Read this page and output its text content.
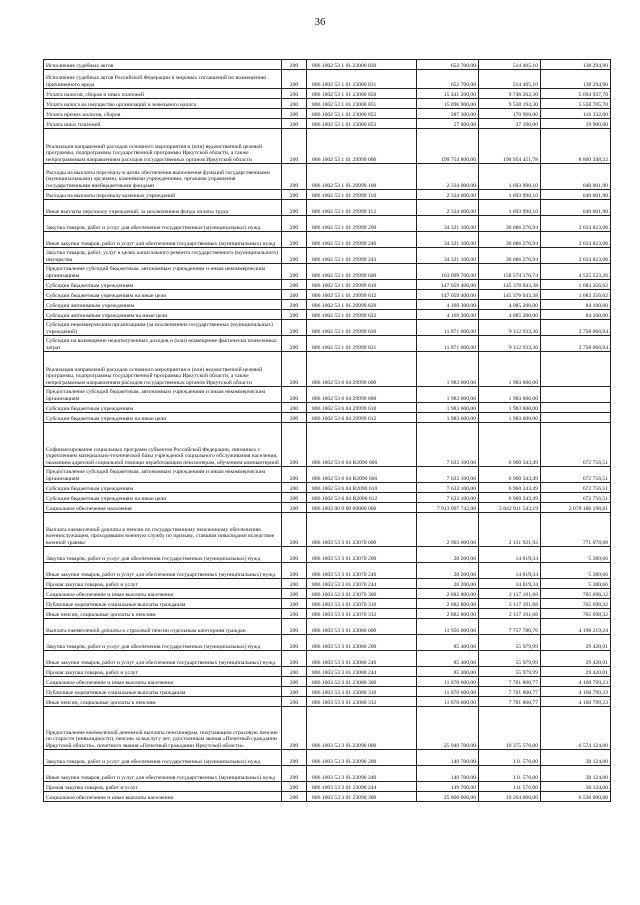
36
Исполнение судебных актов	200	806 1002 53 1 01 23000 830	652 700,00	514 405,10	138 294,90
Исполнение судебных актов Российской Федерации и мировых соглашений по возмещению причиненного вреда	200	806 1002 53 1 01 23000 831	652 700,00	514 405,10	138 294,90
Уплата налогов, сборов и иных платежей	200	806 1002 53 1 01 23000 850	15 441 200,00	9 746 262,30	5 694 937,70
Уплата налога на имущество организаций и земельного налога	200	806 1002 53 1 01 23000 851	15 096 900,00	9 538 194,30	5 558 705,70
Уплата прочих налогов, сборов	200	806 1002 53 1 01 23000 852	287 300,00	170 968,00	116 332,00
Уплата иных платежей	200	806 1002 53 1 01 23000 853	57 000,00	37 100,00	19 900,00
Реализация направлений расходов основного мероприятия и (или) ведомственной целевой программы, подпрограммы государственной программы Иркутской области, а также непрограммным направлениям расходов государственных органов Иркутской области	200	806 1002 53 1 01 29999 000	199 754 800,00	190 954 451,78	8 800 348,22
Расходы на выплаты персоналу в целях обеспечения выполнения функций государственными (муниципальными) органами, казенными учреждениями, органами управления государственными внебюджетными фондами	200	806 1002 53 1 01 29999 100	2 334 000,00	1 693 998,10	640 001,90
Расходы на выплаты персоналу казенных учреждений	200	806 1002 53 1 01 29999 110	2 334 000,00	1 693 998,10	640 001,90
Иные выплаты персоналу учреждений, за исключением фонда оплаты труда	200	806 1002 53 1 01 29999 112	2 334 000,00	1 693 998,10	640 001,90
Закупка товаров, работ и услуг для обеспечения государственных (муниципальных) нужд	200	806 1002 53 1 01 29999 200	34 321 100,00	30 686 276,94	3 634 823,06
Иные закупки товаров, работ и услуг для обеспечения государственных (муниципальных) нужд	200	806 1002 53 1 01 29999 240	34 321 100,00	30 686 276,94	3 634 823,06
Закупка товаров, работ, услуг в целях капитального ремонта государственного (муниципального) имущества	200	806 1002 53 1 01 29999 243	34 321 100,00	30 686 276,94	3 634 823,06
Предоставление субсидий бюджетным, автономным учреждениям и иным некоммерческим организациям	200	806 1002 53 1 01 29999 600	163 099 700,00	158 574 176,74	4 525 523,26
Субсидии бюджетным учреждениям	200	806 1002 53 1 01 29999 610	147 059 400,00	145 376 043,38	1 683 356,62
Субсидии бюджетным учреждениям на иные цели	200	806 1002 53 1 01 29999 612	147 059 400,00	145 376 043,38	1 683 356,62
Субсидии автономным учреждениям	200	806 1002 53 1 01 29999 620	4 169 300,00	4 085 200,00	84 100,00
Субсидии автономным учреждениям на иные цели	200	806 1002 53 1 01 29999 622	4 169 300,00	4 085 200,00	84 100,00
Субсидии некоммерческим организациям (за исключением государственных (муниципальных) учреждений)	200	806 1002 53 1 01 29999 630	11 871 000,00	9 112 933,36	2 758 066,64
Субсидии на возмещение недополученных доходов и (или) возмещение фактически понесенных затрат	200	806 1002 53 1 01 29999 631	11 871 000,00	9 112 933,36	2 758 066,64
Реализация направлений расходов основного мероприятия и (или) ведомственной целевой программы, подпрограммы государственной программы Иркутской области, а также непрограммным направлениям расходов государственных органов Иркутской области	200	806 1002 53 6 04 29999 000	1 983 600,00	1 983 600,00	
Предоставление субсидий бюджетным, автономным учреждениям и иным некоммерческим организациям	200	806 1002 53 6 04 29999 600	1 983 600,00	1 983 600,00	
Субсидии бюджетным учреждениям	200	806 1002 53 6 04 29999 610	1 983 600,00	1 983 600,00	
Субсидии бюджетным учреждениям на иные цели	200	806 1002 53 6 04 29999 612	1 983 600,00	1 983 600,00	
Софинансирование социальных программ субъектов Российской Федерации, связанных с укреплением материально-технической базы учреждений социального обслуживания населения, оказанием адресной социальной помощи неработающим пенсионерам, обучением компьютерной	200	806 1002 53 6 04 R2090 000	7 633 100,00	6 960 343,49	672 756,51
Предоставление субсидий бюджетным, автономным учреждениям и иным некоммерческим организациям	200	806 1002 53 6 04 R2090 600	7 633 100,00	6 960 343,49	672 756,51
Субсидии бюджетным учреждениям	200	806 1002 53 6 04 R2090 610	7 633 100,00	6 960 343,49	672 756,51
Субсидии бюджетным учреждениям на иные цели	200	806 1002 53 6 04 R2090 612	7 633 100,00	6 960 343,49	672 756,51
Социальное обеспечение населения	200	806 1003 00 0 00 00000 000	7 913 097 742,00	5 842 911 543,19	2 070 186 198,81
Выплата ежемесячной доплаты к пенсии по государственному пенсионному обеспечению военнослужащим, проходившим военную службу по призыву, ставшим инвалидами вследствие военной травмы	200	806 1003 53 3 01 23070 000	2 903 000,00	2 131 921,92	771 078,08
Закупка товаров, работ и услуг для обеспечения государственных (муниципальных) нужд	200	806 1003 53 3 01 23070 200	20 200,00	14 819,34	5 380,66
Иные закупки товаров, работ и услуг для обеспечения государственных (муниципальных) нужд	200	806 1003 53 3 01 23070 240	20 200,00	14 819,34	5 380,66
Прочая закупка товаров, работ и услуг	200	806 1003 53 3 01 23070 244	20 200,00	14 819,34	5 380,66
Социальное обеспечение и иные выплаты населению	200	806 1003 53 3 01 23070 300	2 882 800,00	2 117 101,68	765 698,32
Публичные нормативные социальные выплаты гражданам	200	806 1003 53 3 01 23070 310	2 882 800,00	2 117 101,68	765 698,32
Иные пенсии, социальные доплаты к пенсиям	200	806 1003 53 3 01 23070 312	2 882 800,00	2 117 101,68	765 698,32
Выплата ежемесячной доплаты к страховой пенсии отдельным категориям граждан	200	806 1003 53 3 01 23080 000	11 956 000,00	7 757 780,76	4 198 219,24
Закупка товаров, работ и услуг для обеспечения государственных (муниципальных) нужд	200	806 1003 53 3 01 23080 200	85 400,00	55 979,99	29 420,01
Иные закупки товаров, работ и услуг для обеспечения государственных (муниципальных) нужд	200	806 1003 53 3 01 23080 240	85 400,00	55 979,99	29 420,01
Прочая закупка товаров, работ и услуг	200	806 1003 53 3 01 23080 244	85 400,00	55 979,99	29 420,01
Социальное обеспечение и иные выплаты населению	200	806 1003 53 3 01 23080 300	11 870 600,00	7 701 800,77	4 168 799,23
Публичные нормативные социальные выплаты гражданам	200	806 1003 53 3 01 23080 310	11 870 600,00	7 701 800,77	4 168 799,23
Иные пенсии, социальные доплаты к пенсиям	200	806 1003 53 3 01 23080 312	11 870 600,00	7 701 800,77	4 168 799,23
Предоставление ежемесячной денежной выплаты пенсионерам, получающим страховую пенсию по старости (инвалидности), пенсию за выслугу лет, удостоенным звания «Почетный гражданин Иркутской области», почетного звания «Почетный гражданин Иркутской области»	200	806 1003 53 3 01 23090 000	25 949 700,00	19 375 576,00	6 574 124,00
Закупка товаров, работ и услуг для обеспечения государственных (муниципальных) нужд	200	806 1003 53 3 01 23090 200	149 700,00	111 576,00	38 124,00
Иные закупки товаров, работ и услуг для обеспечения государственных (муниципальных) нужд	200	806 1003 53 3 01 23090 240	149 700,00	111 576,00	38 124,00
Прочая закупка товаров, работ и услуг	200	806 1003 53 3 01 23090 244	149 700,00	111 576,00	38 124,00
Социальное обеспечение и иные выплаты населению	200	806 1003 53 3 01 23090 300	25 800 000,00	19 264 000,00	6 536 000,00
